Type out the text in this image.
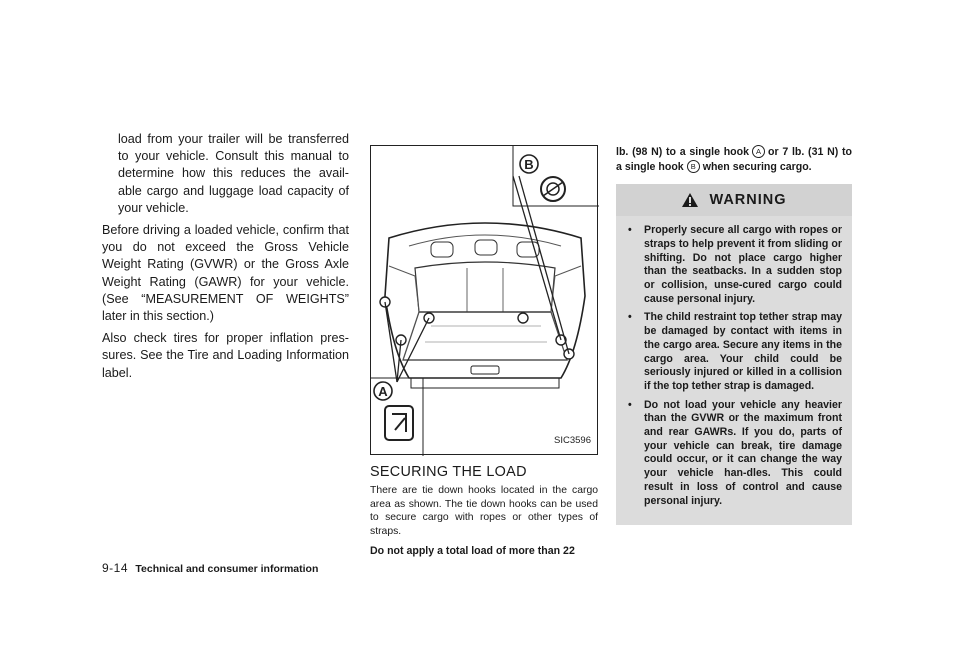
load from your trailer will be transferred to your vehicle. Consult this manual to determine how this reduces the avail-able cargo and luggage load capacity of your vehicle.

Before driving a loaded vehicle, confirm that you do not exceed the Gross Vehicle Weight Rating (GVWR) or the Gross Axle Weight Rating (GAWR) for your vehicle. (See “MEASUREMENT OF WEIGHTS” later in this section.)

Also check tires for proper inflation pres-sures. See the Tire and Loading Information label.

B
A
SIC3596
SECURING THE LOAD

There are tie down hooks located in the cargo area as shown. The tie down hooks can be used to secure cargo with ropes or other types of straps.

Do not apply a total load of more than 22

lb. (98 N) to a single hook A or 7 lb. (31 N) to a single hook B when securing cargo.

WARNING
• Properly secure all cargo with ropes or straps to help prevent it from sliding or shifting. Do not place cargo higher than the seatbacks. In a sudden stop or collision, unse-cured cargo could cause personal injury.
• The child restraint top tether strap may be damaged by contact with items in the cargo area. Secure any items in the cargo area. Your child could be seriously injured or killed in a collision if the top tether strap is damaged.
• Do not load your vehicle any heavier than the GVWR or the maximum front and rear GAWRs. If you do, parts of your vehicle can break, tire damage could occur, or it can change the way your vehicle han-dles. This could result in loss of control and cause personal injury.
9-14 Technical and consumer information
